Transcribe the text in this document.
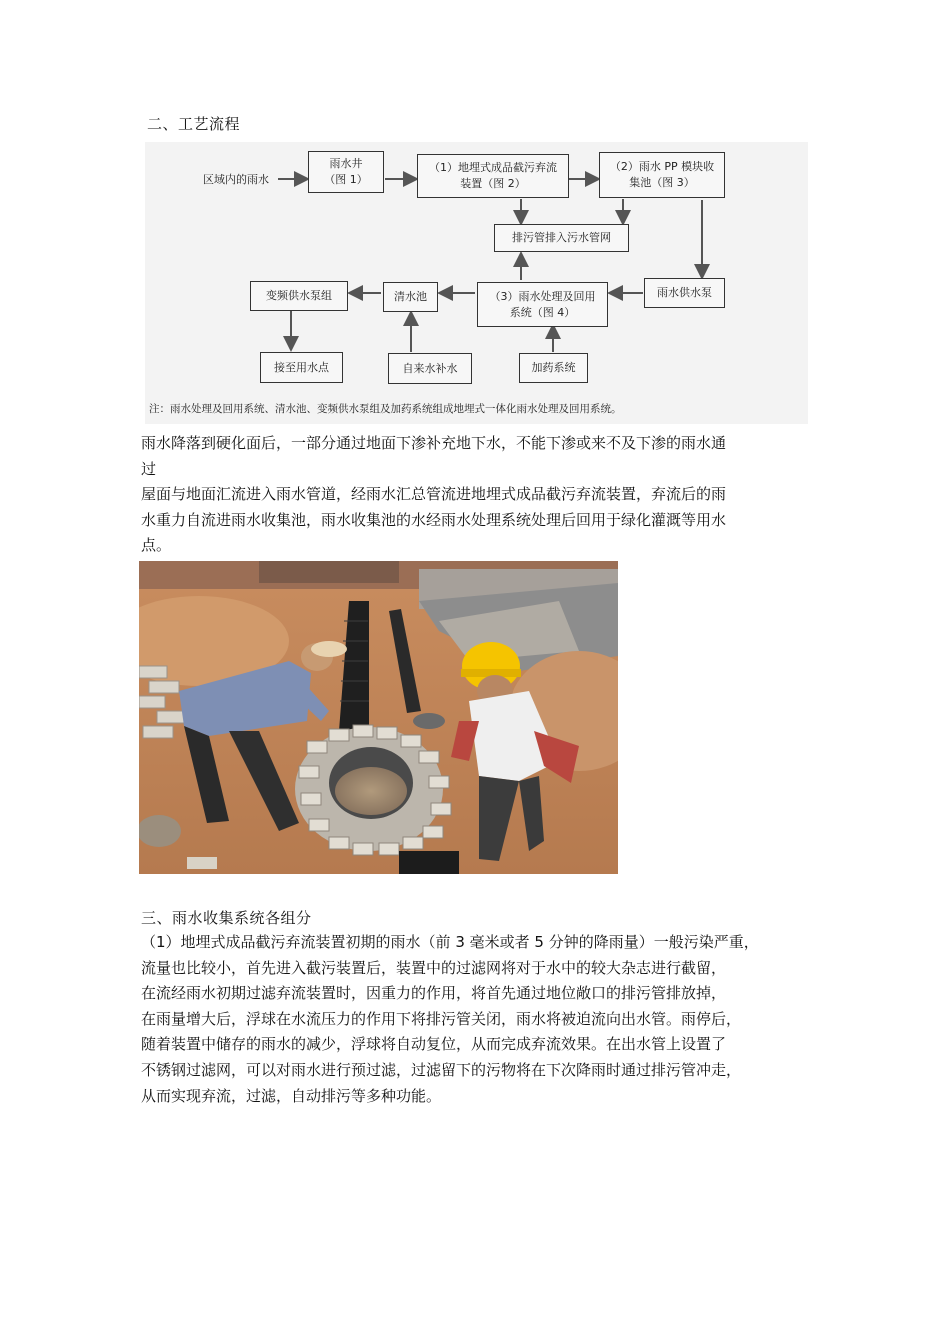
二、工艺流程
区域内的雨水
雨水井
（图 1）
（1）地埋式成品截污弃流
装置（图 2）
（2）雨水 PP 模块收
集池（图 3）
排污管排入污水管网
雨水供水泵
（3）雨水处理及回用
系统（图 4）
清水池
变频供水泵组
接至用水点	自来水补水	加药系统
注：雨水处理及回用系统、清水池、变频供水泵组及加药系统组成地埋式一体化雨水处理及回用系统。
雨水降落到硬化面后，一部分通过地面下渗补充地下水，不能下渗或来不及下渗的雨水通
过
屋面与地面汇流进入雨水管道，经雨水汇总管流进地埋式成品截污弃流装置，弃流后的雨
水重力自流进雨水收集池，雨水收集池的水经雨水处理系统处理后回用于绿化灌溉等用水
点。
三、雨水收集系统各组分
（1）地埋式成品截污弃流装置初期的雨水（前 3 毫米或者 5 分钟的降雨量）一般污染严重，
流量也比较小，首先进入截污装置后，装置中的过滤网将对于水中的较大杂志进行截留，
在流经雨水初期过滤弃流装置时，因重力的作用，将首先通过地位敞口的排污管排放掉，
在雨量增大后，浮球在水流压力的作用下将排污管关闭，雨水将被迫流向出水管。雨停后，
随着装置中储存的雨水的减少，浮球将自动复位，从而完成弃流效果。在出水管上设置了
不锈钢过滤网，可以对雨水进行预过滤，过滤留下的污物将在下次降雨时通过排污管冲走，
从而实现弃流，过滤，自动排污等多种功能。
